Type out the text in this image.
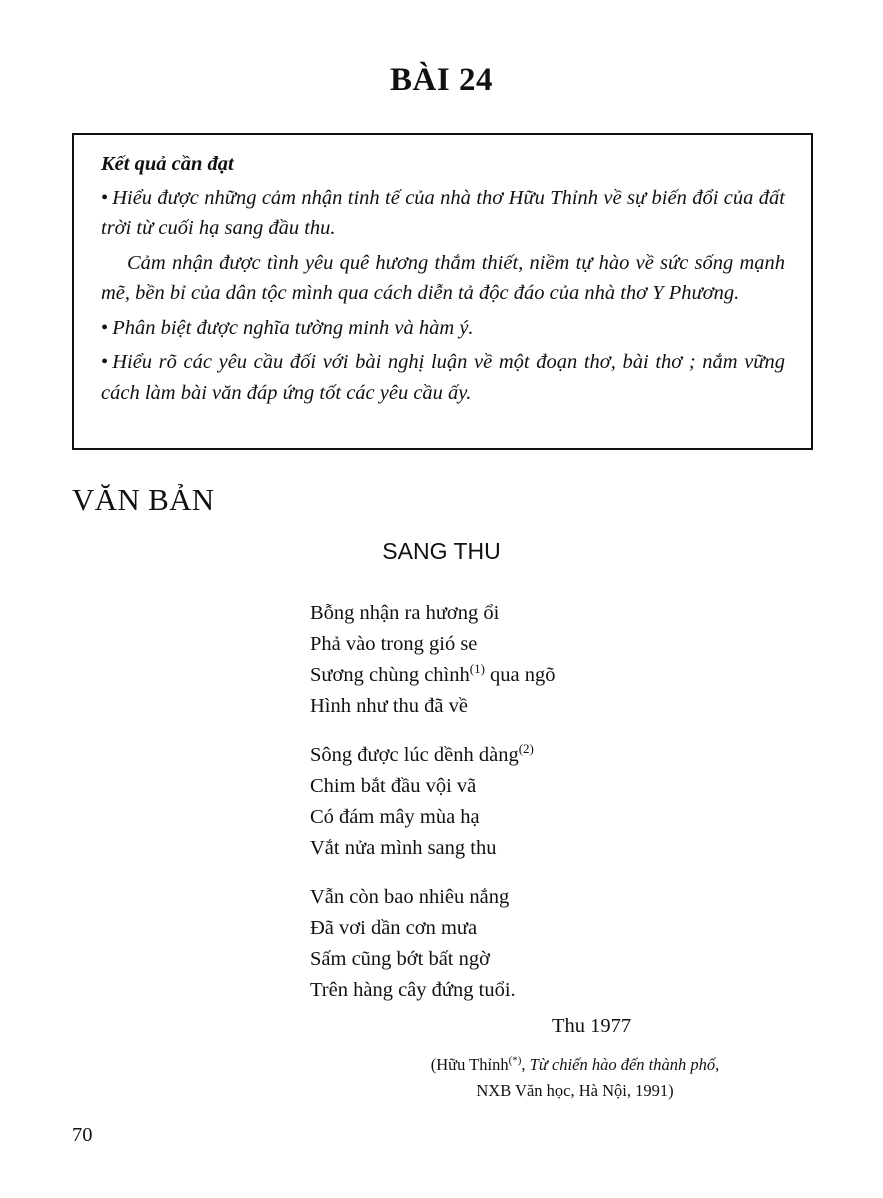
BÀI 24
Kết quả cần đạt

• Hiểu được những cảm nhận tinh tế của nhà thơ Hữu Thỉnh về sự biến đổi của đất trời từ cuối hạ sang đầu thu.

Cảm nhận được tình yêu quê hương thắm thiết, niềm tự hào về sức sống mạnh mẽ, bền bỉ của dân tộc mình qua cách diễn tả độc đáo của nhà thơ Y Phương.

• Phân biệt được nghĩa tường minh và hàm ý.

• Hiểu rõ các yêu cầu đối với bài nghị luận về một đoạn thơ, bài thơ ; nắm vững cách làm bài văn đáp ứng tốt các yêu cầu ấy.

VĂN BẢN
SANG THU
Bỗng nhận ra hương ổi
Phả vào trong gió se
Sương chùng chình$^{(1)}$ qua ngõ
Hình như thu đã về
Sông được lúc dềnh dàng$^{(2)}$
Chim bắt đầu vội vã
Có đám mây mùa hạ
Vắt nửa mình sang thu
Vẫn còn bao nhiêu nắng
Đã vơi dần cơn mưa
Sấm cũng bớt bất ngờ
Trên hàng cây đứng tuổi.
Thu 1977
(Hữu Thỉnh(*), Từ chiến hào đến thành phố,
NXB Văn học, Hà Nội, 1991)
70
